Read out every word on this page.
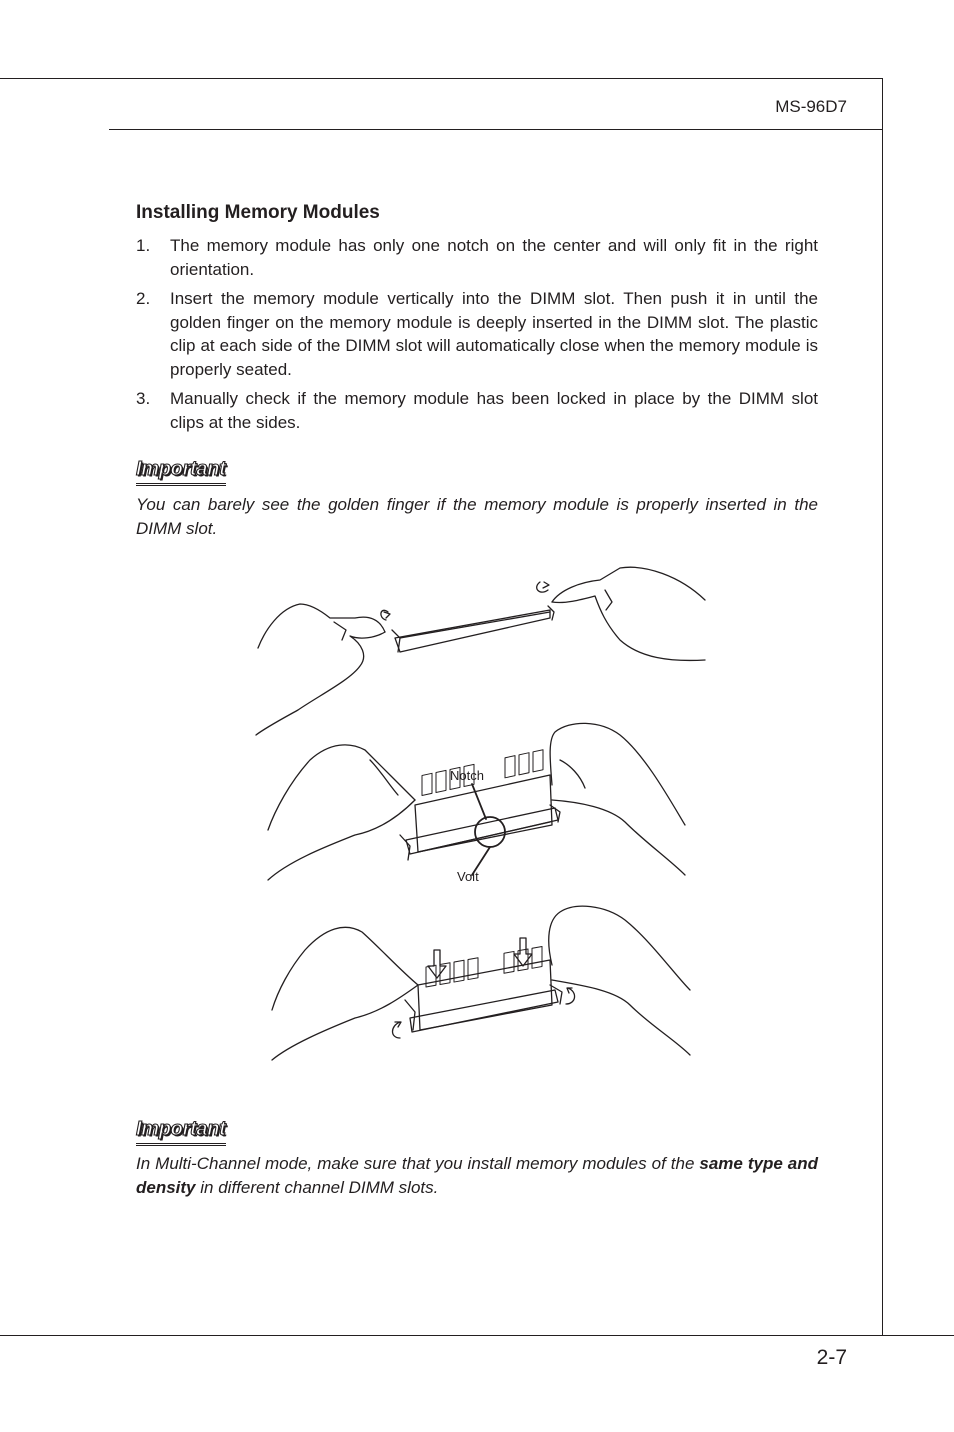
MS-96D7
Installing Memory Modules
1. The memory module has only one notch on the center and will only fit in the right orientation.
2. Insert the memory module vertically into the DIMM slot. Then push it in until the golden finger on the memory module is deeply inserted in the DIMM slot. The plastic clip at each side of the DIMM slot will automatically close when the memory module is properly seated.
3. Manually check if the memory module has been locked in place by the DIMM slot clips at the sides.
Important

You can barely see the golden finger if the memory module is properly inserted in the DIMM slot.

Notch
Volt
Important

In Multi-Channel mode, make sure that you install memory modules of the same type and density in different channel DIMM slots.

2-7
